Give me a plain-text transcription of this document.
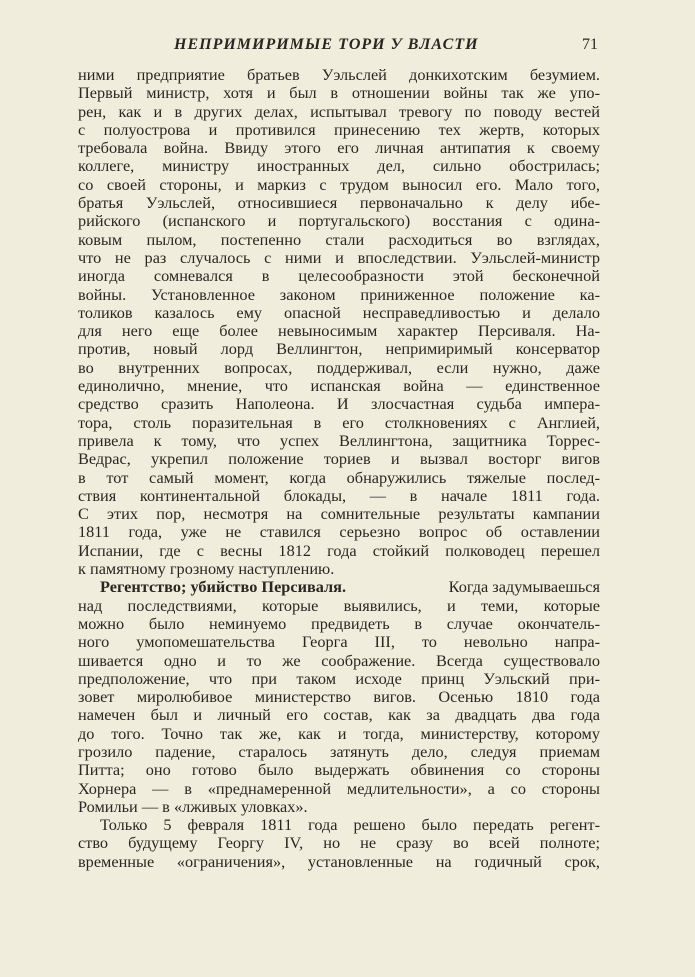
НЕПРИМИРИМЫЕ ТОРИ У ВЛАСТИ	71
ними предприятие братьев Уэльслей донкихотским безумием.
Первый министр, хотя и был в отношении войны так же упо-
рен, как и в других делах, испытывал тревогу по поводу вестей
с полуострова и противился принесению тех жертв, которых
требовала война. Ввиду этого его личная антипатия к своему
коллеге, министру иностранных дел, сильно обострилась;
со своей стороны, и маркиз с трудом выносил его. Мало того,
братья Уэльслей, относившиеся первоначально к делу ибе-
рийского (испанского и португальского) восстания с одина-
ковым пылом, постепенно стали расходиться во взглядах,
что не раз случалось с ними и впоследствии. Уэльслей-министр
иногда сомневался в целесообразности этой бесконечной
войны. Установленное законом приниженное положение ка-
толиков казалось ему опасной несправедливостью и делало
для него еще более невыносимым характер Персиваля. На-
против, новый лорд Веллингтон, непримиримый консерватор
во внутренних вопросах, поддерживал, если нужно, даже
единолично, мнение, что испанская война — единственное
средство сразить Наполеона. И злосчастная судьба импера-
тора, столь поразительная в его столкновениях с Англией,
привела к тому, что успех Веллингтона, защитника Торрес-
Ведрас, укрепил положение ториев и вызвал восторг вигов
в тот самый момент, когда обнаружились тяжелые послед-
ствия континентальной блокады, — в начале 1811 года.
С этих пор, несмотря на сомнительные результаты кампании
1811 года, уже не ставился серьезно вопрос об оставлении
Испании, где с весны 1812 года стойкий полководец перешел
к памятному грозному наступлению.
Регентство; убийство Персиваля.	Когда задумываешься
над последствиями, которые выявились, и теми, которые
можно было неминуемо предвидеть в случае окончатель-
ного умопомешательства Георга III, то невольно напра-
шивается одно и то же соображение. Всегда существовало
предположение, что при таком исходе принц Уэльский при-
зовет миролюбивое министерство вигов. Осенью 1810 года
намечен был и личный его состав, как за двадцать два года
до того. Точно так же, как и тогда, министерству, которому
грозило падение, старалось затянуть дело, следуя приемам
Питта; оно готово было выдержать обвинения со стороны
Хорнера — в «преднамеренной медлительности», а со стороны
Ромильи — в «лживых уловках».
Только 5 февраля 1811 года решено было передать регент-
ство будущему Георгу IV, но не сразу во всей полноте;
временные «ограничения», установленные на годичный срок,
